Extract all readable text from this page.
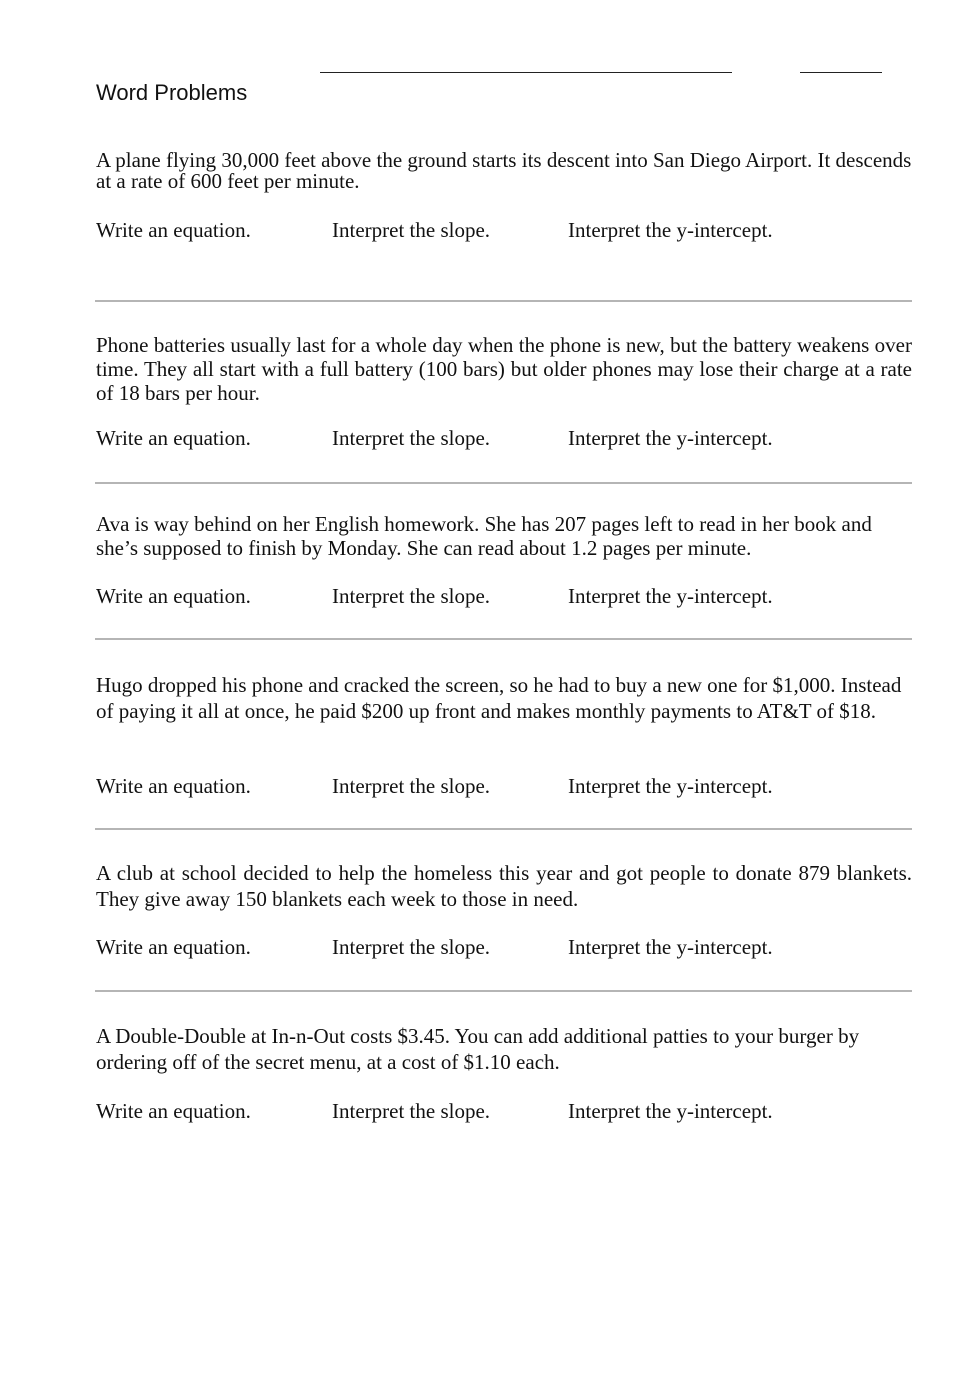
Word Problems

A plane flying 30,000 feet above the ground starts its descent into San Diego Airport. It descends at a rate of 600 feet per minute.

Write an equation.	Interpret the slope.	Interpret the y-intercept.

Phone batteries usually last for a whole day when the phone is new, but the battery weakens over time. They all start with a full battery (100 bars) but older phones may lose their charge at a rate of 18 bars per hour.

Write an equation.	Interpret the slope.	Interpret the y-intercept.

Ava is way behind on her English homework. She has 207 pages left to read in her book and she’s supposed to finish by Monday. She can read about 1.2 pages per minute.

Write an equation.	Interpret the slope.	Interpret the y-intercept.

Hugo dropped his phone and cracked the screen, so he had to buy a new one for $1,000. Instead of paying it all at once, he paid $200 up front and makes monthly payments to AT&T of $18.

Write an equation.	Interpret the slope.	Interpret the y-intercept.

A club at school decided to help the homeless this year and got people to donate 879 blankets. They give away 150 blankets each week to those in need.

Write an equation.	Interpret the slope.	Interpret the y-intercept.

A Double-Double at In-n-Out costs $3.45. You can add additional patties to your burger by ordering off of the secret menu, at a cost of $1.10 each.

Write an equation.	Interpret the slope.	Interpret the y-intercept.
